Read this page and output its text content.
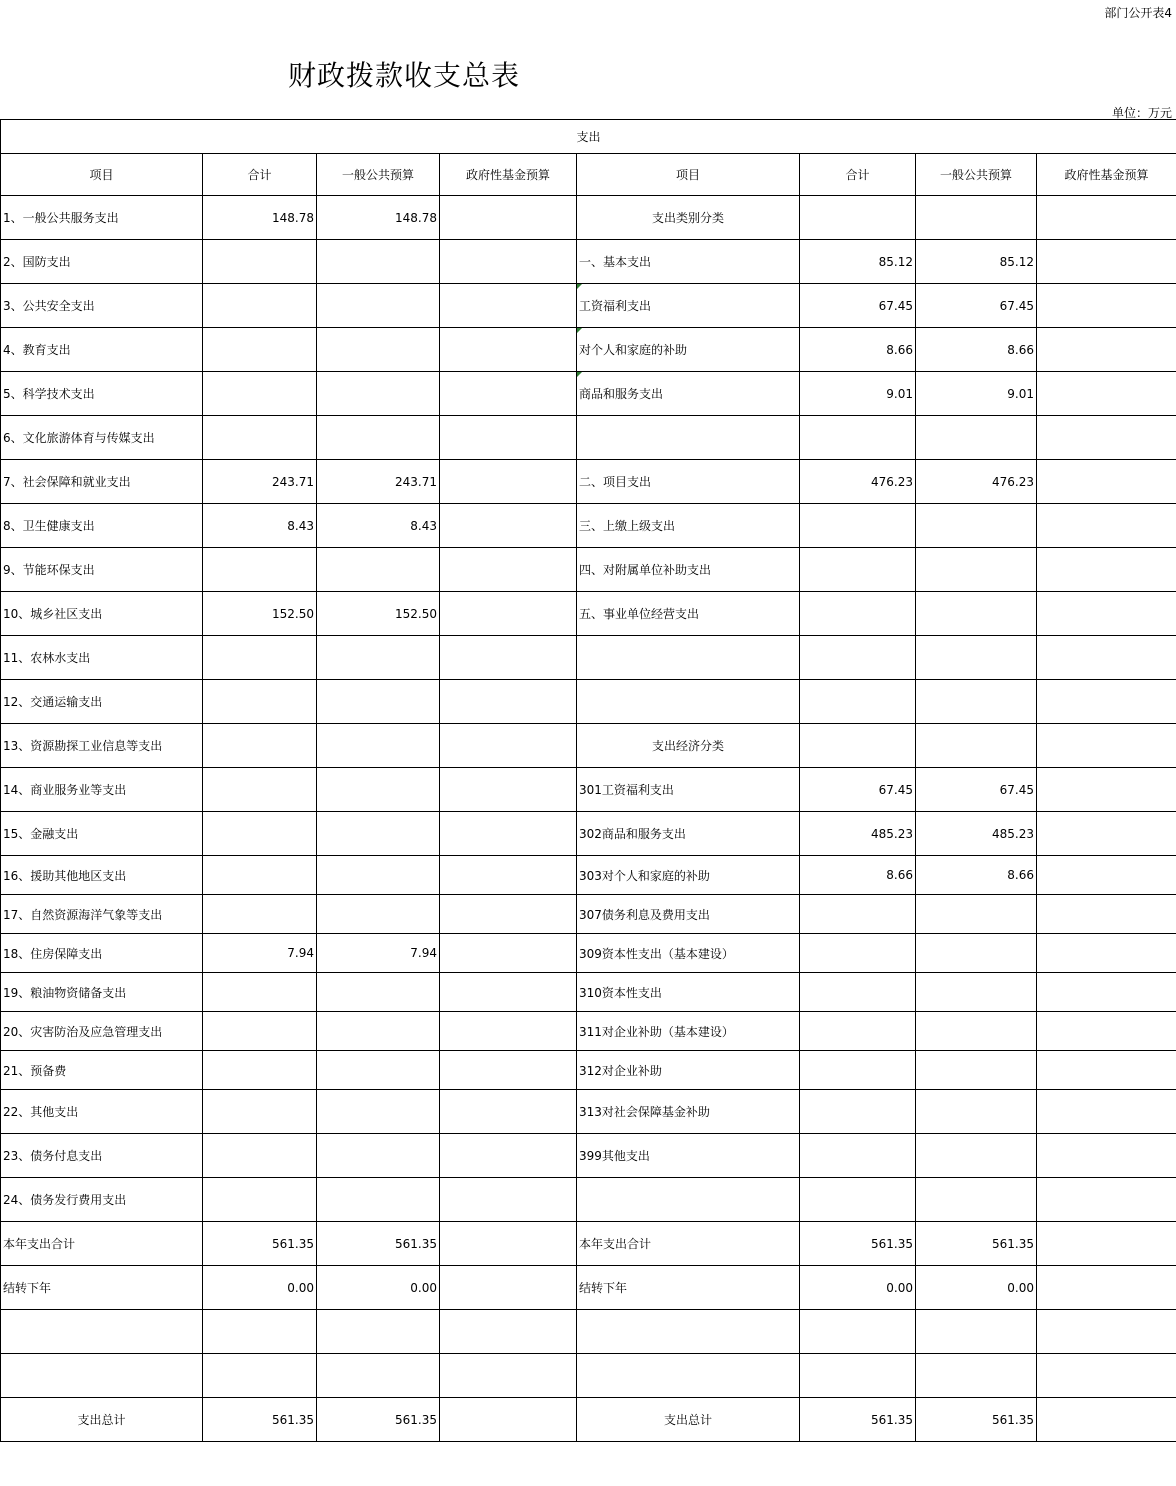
部门公开表4
财政拨款收支总表
单位：万元
支出							
项目	合计	一般公共预算	政府性基金预算	项目	合计	一般公共预算	政府性基金预算
1、一般公共服务支出	148.78	148.78		支出类别分类			
2、国防支出				一、基本支出	85.12	85.12	
3、公共安全支出				工资福利支出	67.45	67.45	
4、教育支出				对个人和家庭的补助	8.66	8.66	
5、科学技术支出				商品和服务支出	9.01	9.01	
6、文化旅游体育与传媒支出							
7、社会保障和就业支出	243.71	243.71		二、项目支出	476.23	476.23	
8、卫生健康支出	8.43	8.43		三、上缴上级支出			
9、节能环保支出				四、对附属单位补助支出			
10、城乡社区支出	152.50	152.50		五、事业单位经营支出			
11、农林水支出							
12、交通运输支出							
13、资源勘探工业信息等支出				支出经济分类			
14、商业服务业等支出				301工资福利支出	67.45	67.45	
15、金融支出				302商品和服务支出	485.23	485.23	
16、援助其他地区支出				303对个人和家庭的补助	8.66	8.66	
17、自然资源海洋气象等支出				307债务利息及费用支出			
18、住房保障支出	7.94	7.94		309资本性支出（基本建设）			
19、粮油物资储备支出				310资本性支出			
20、灾害防治及应急管理支出				311对企业补助（基本建设）			
21、预备费				312对企业补助			
22、其他支出				313对社会保障基金补助			
23、债务付息支出				399其他支出			
24、债务发行费用支出							
本年支出合计	561.35	561.35		本年支出合计	561.35	561.35	
结转下年	0.00	0.00		结转下年	0.00	0.00	

支出总计	561.35	561.35		支出总计	561.35	561.35	
